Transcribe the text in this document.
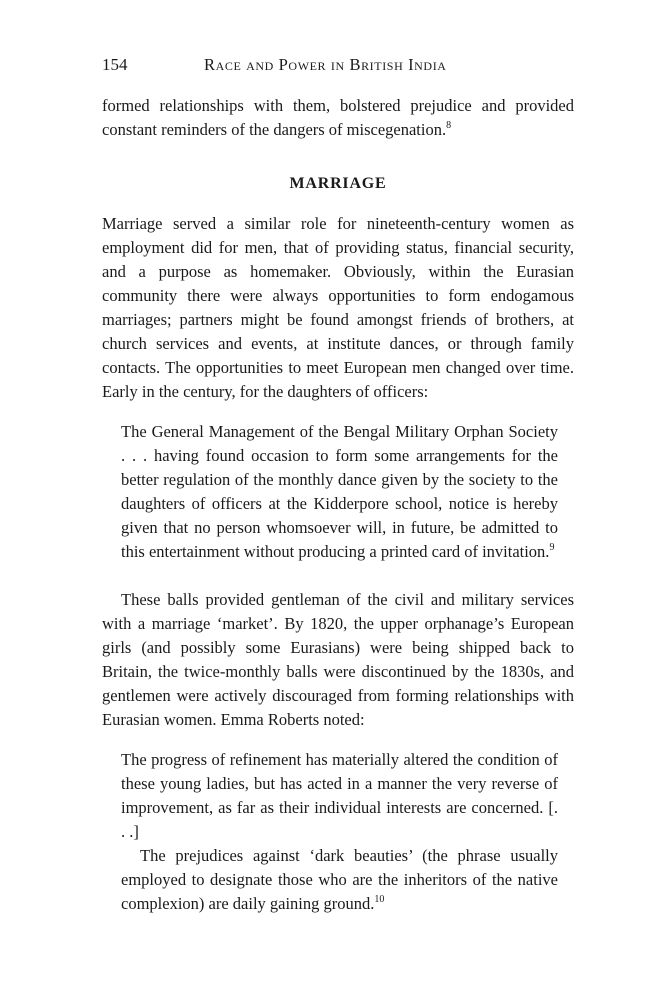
154	Race and Power in British India

formed relationships with them, bolstered prejudice and provided constant reminders of the dangers of miscegenation.$^8$

MARRIAGE

Marriage served a similar role for nineteenth-century women as employment did for men, that of providing status, financial security, and a purpose as homemaker. Obviously, within the Eurasian community there were always opportunities to form endogamous marriages; partners might be found amongst friends of brothers, at church services and events, at institute dances, or through family contacts. The opportunities to meet European men changed over time. Early in the century, for the daughters of officers:

The General Management of the Bengal Military Orphan Society . . . having found occasion to form some arrangements for the better regulation of the monthly dance given by the society to the daughters of officers at the Kidderpore school, notice is hereby given that no person whomsoever will, in future, be admitted to this entertainment without producing a printed card of invitation.$^9$

These balls provided gentleman of the civil and military services with a marriage ‘market’. By 1820, the upper orphanage’s European girls (and possibly some Eurasians) were being shipped back to Britain, the twice-monthly balls were discontinued by the 1830s, and gentlemen were actively discouraged from forming relationships with Eurasian women. Emma Roberts noted:

The progress of refinement has materially altered the condition of these young ladies, but has acted in a manner the very reverse of improvement, as far as their individual interests are concerned. [. . .]

The prejudices against ‘dark beauties’ (the phrase usually employed to designate those who are the inheritors of the native complexion) are daily gaining ground.$^{10}$
